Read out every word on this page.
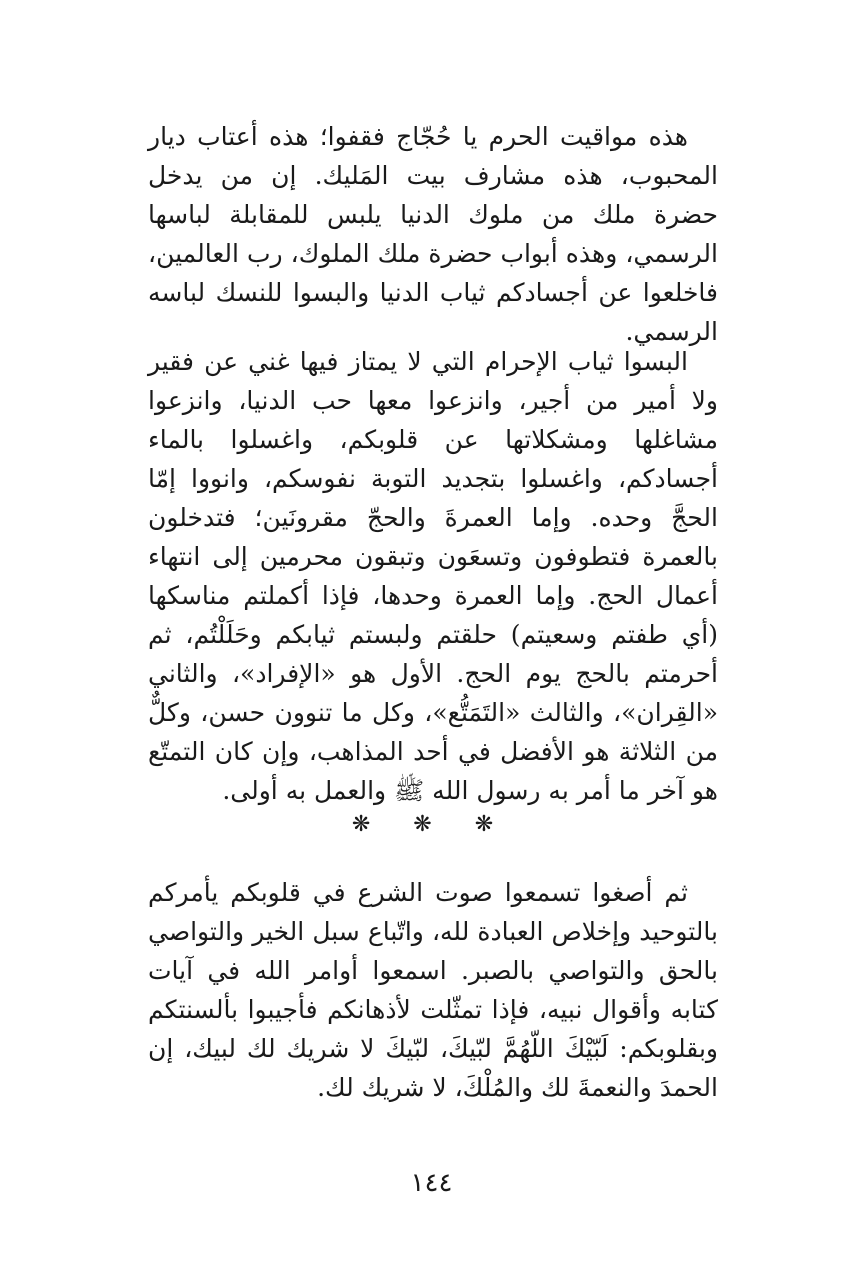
هذه مواقيت الحرم يا حُجّاج فقفوا؛ هذه أعتاب ديار المحبوب، هذه مشارف بيت المَليك. إن من يدخل حضرة ملك من ملوك الدنيا يلبس للمقابلة لباسها الرسمي، وهذه أبواب حضرة ملك الملوك، رب العالمين، فاخلعوا عن أجسادكم ثياب الدنيا والبسوا للنسك لباسه الرسمي.

البسوا ثياب الإحرام التي لا يمتاز فيها غني عن فقير ولا أمير من أجير، وانزعوا معها حب الدنيا، وانزعوا مشاغلها ومشكلاتها عن قلوبكم، واغسلوا بالماء أجسادكم، واغسلوا بتجديد التوبة نفوسكم، وانووا إمّا الحجَّ وحده. وإما العمرةَ والحجّ مقرونَين؛ فتدخلون بالعمرة فتطوفون وتسعَون وتبقون محرمين إلى انتهاء أعمال الحج. وإما العمرة وحدها، فإذا أكملتم مناسكها (أي طفتم وسعيتم) حلقتم ولبستم ثيابكم وحَلَلْتُم، ثم أحرمتم بالحج يوم الحج. الأول هو «الإفراد»، والثاني «القِران»، والثالث «التَمَتُّع»، وكل ما تنوون حسن، وكلٌّ من الثلاثة هو الأفضل في أحد المذاهب، وإن كان التمتّع هو آخر ما أمر به رسول الله ﷺ والعمل به أولى.

❋ ❋ ❋

ثم أصغوا تسمعوا صوت الشرع في قلوبكم يأمركم بالتوحيد وإخلاص العبادة لله، واتّباع سبل الخير والتواصي بالحق والتواصي بالصبر. اسمعوا أوامر الله في آيات كتابه وأقوال نبيه، فإذا تمثّلت لأذهانكم فأجيبوا بألسنتكم وبقلوبكم: لَبّيْكَ اللّهُمَّ لبّيكَ، لبّيكَ لا شريك لك لبيك، إن الحمدَ والنعمةَ لك والمُلْكَ، لا شريك لك.

١٤٤
